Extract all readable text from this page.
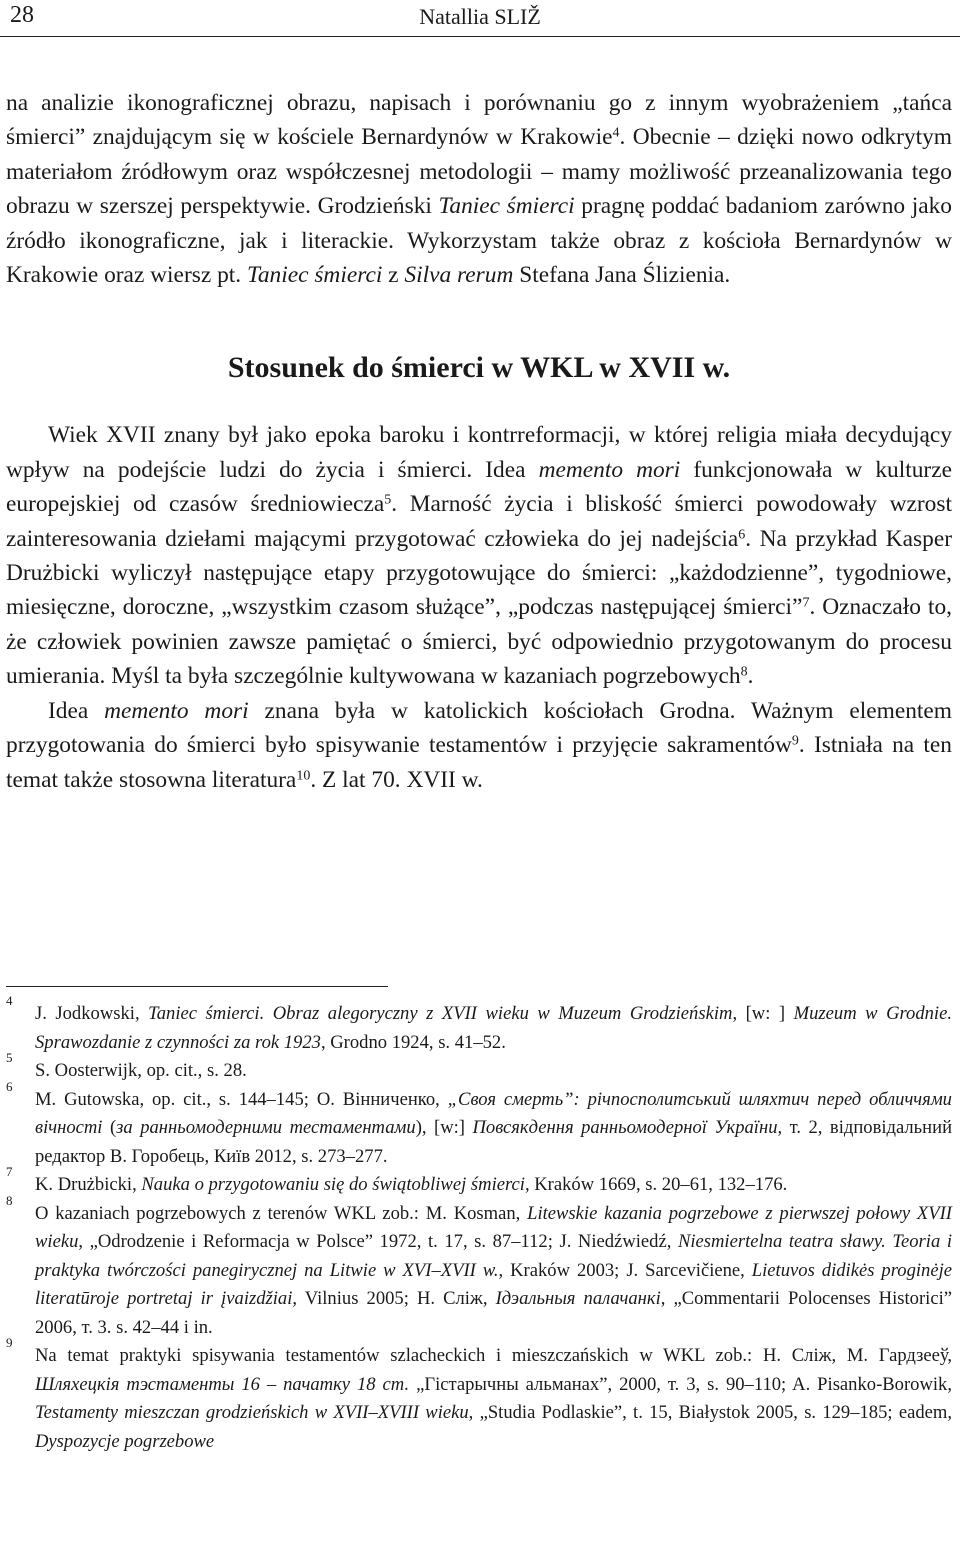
28	Natallia SLIŽ

na analizie ikonograficznej obrazu, napisach i porównaniu go z innym wyobrażeniem „tańca śmierci” znajdującym się w kościele Bernardynów w Krakowie$^4$. Obecnie – dzięki nowo odkrytym materiałom źródłowym oraz współczesnej metodologii – mamy możliwość przeanalizowania tego obrazu w szerszej perspektywie. Grodzieński Taniec śmierci pragnę poddać badaniom zarówno jako źródło ikonograficzne, jak i literackie. Wykorzystam także obraz z kościoła Bernardynów w Krakowie oraz wiersz pt. Taniec śmierci z Silva rerum Stefana Jana Ślizienia.

Stosunek do śmierci w WKL w XVII w.

Wiek XVII znany był jako epoka baroku i kontrreformacji, w której religia miała decydujący wpływ na podejście ludzi do życia i śmierci. Idea memento mori funkcjonowała w kulturze europejskiej od czasów średniowiecza$^5$. Marność życia i bliskość śmierci powodowały wzrost zainteresowania dziełami mającymi przygotować człowieka do jej nadejścia$^6$. Na przykład Kasper Drużbicki wyliczył następujące etapy przygotowujące do śmierci: „każdodzienne”, tygodniowe, miesięczne, doroczne, „wszystkim czasom służące”, „podczas następującej śmierci”$^7$. Oznaczało to, że człowiek powinien zawsze pamiętać o śmierci, być odpowiednio przygotowanym do procesu umierania. Myśl ta była szczególnie kultywowana w kazaniach pogrzebowych$^8$.

Idea memento mori znana była w katolickich kościołach Grodna. Ważnym elementem przygotowania do śmierci było spisywanie testamentów i przyjęcie sakramentów$^9$. Istniała na ten temat także stosowna literatura$^{10}$. Z lat 70. XVII w.

4
J. Jodkowski, Taniec śmierci. Obraz alegoryczny z XVII wieku w Muzeum Grodzieńskim, [w: ] Muzeum w Grodnie. Sprawozdanie z czynności za rok 1923, Grodno 1924, s. 41–52.

5
S. Oosterwijk, op. cit., s. 28.

6
M. Gutowska, op. cit., s. 144–145; О. Вінниченко, „Своя смерть”: річпосполитський шляхтич перед обличчями вічності (за ранньомодерними тестаментами), [w:] Повсякдення ранньомодерної України, т. 2, відповідальний редактор В. Горобець, Київ 2012, s. 273–277.

7
K. Drużbicki, Nauka o przygotowaniu się do świątobliwej śmierci, Kraków 1669, s. 20–61, 132–176.

8
O kazaniach pogrzebowych z terenów WKL zob.: M. Kosman, Litewskie kazania pogrzebowe z pierwszej połowy XVII wieku, „Odrodzenie i Reformacja w Polsce” 1972, t. 17, s. 87–112; J. Niedźwiedź, Niesmiertelna teatra sławy. Teoria i praktyka twórczości panegirycznej na Litwie w XVI–XVII w., Kraków 2003; J. Sarcevičiene, Lietuvos didikės proginėje literatūroje portretaj ir įvaizdžiai, Vilnius 2005; Н. Сліж, Ідэальныя палачанкі, „Commentarii Polocenses Historici” 2006, т. 3. s. 42–44 i in.

9
Na temat praktyki spisywania testamentów szlacheckich i mieszczańskich w WKL zob.: Н. Сліж, М. Гардзееў, Шляхецкія тэстаменты 16 – пачатку 18 ст. „Гістарычны альманах”, 2000, т. 3, s. 90–110; A. Pisanko-Borowik, Testamenty mieszczan grodzieńskich w XVII–XVIII wieku, „Studia Podlaskie”, t. 15, Białystok 2005, s. 129–185; eadem, Dyspozycje pogrzebowe
